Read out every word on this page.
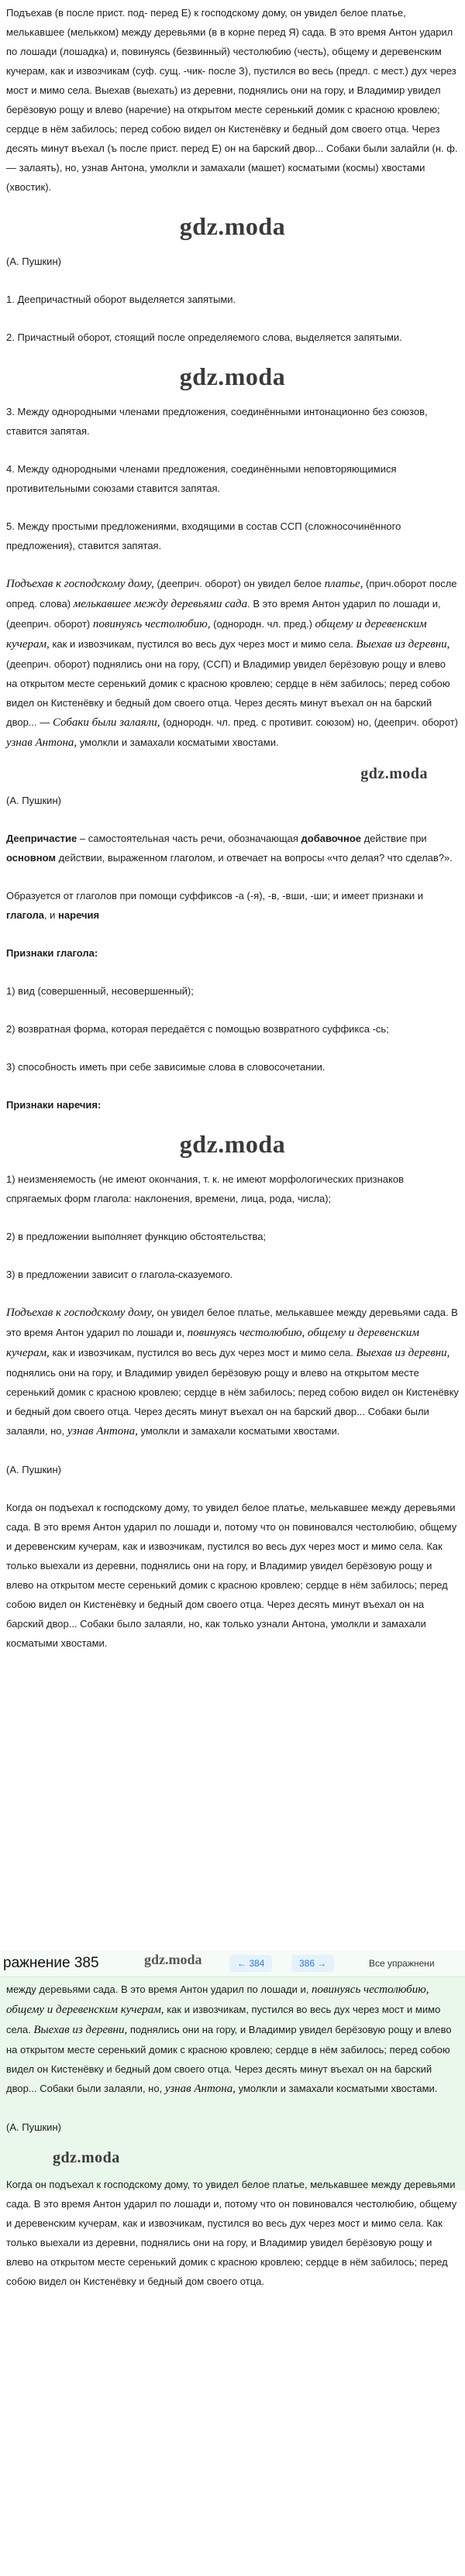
Подъехав (в после прист. под- перед Е) к господскому дому, он увидел белое платье, мелькавшее (мелькком) между деревьями (в в корне перед Я) сада. В это время Антон ударил по лошади (лошадка) и, повинуясь (безвинный) честолюбию (честь), общему и деревенским кучерам, как и извозчикам (суф. сущ. -чик- после З), пустился во весь (предл. с мест.) дух через мост и мимо села. Выехав (выехать) из деревни, поднялись они на гору, и Владимир увидел берёзовую рощу и влево (наречие) на открытом месте серенький домик с красною кровлею; сердце в нём забилось; перед собою видел он Кистенёвку и бедный дом своего отца. Через десять минут въехал (ъ после прист. перед Е) он на барский двор... Собаки были залайли (н. ф. — залаять), но, узнав Антона, умолкли и замахали (машет) косматыми (космы) хвостами (хвостик).

gdz.moda

(А. Пушкин)

1. Деепричастный оборот выделяется запятыми.

2. Причастный оборот, стоящий после определяемого слова, выделяется запятыми.

gdz.moda

3. Между однородными членами предложения, соединёнными интонационно без союзов, ставится запятая.

4. Между однородными членами предложения, соединёнными неповторяющимися противительными союзами ставится запятая.

5. Между простыми предложениями, входящими в состав ССП (сложносочинённого предложения), ставится запятая.

Подъехав к господскому дому, (дееприч. оборот) он увидел белое платье, (прич.оборот после опред. слова) мелькавшее между деревьями сада. В это время Антон ударил по лошади и, (дееприч. оборот) повинуясь честолюбию, (однородн. чл. пред.) общему и деревенским кучерам, как и извозчикам, пустился во весь дух через мост и мимо села. Выехав из деревни, (дееприч. оборот) поднялись они на гору, (ССП) и Владимир увидел берёзовую рощу и влево на открытом месте серенький домик с красною кровлею; сердце в нём забилось; перед собою видел он Кистенёвку и бедный дом своего отца. Через десять минут въехал он на барский двор... — Собаки были залаяли, (однородн. чл. пред. с противит. союзом) но, (дееприч. оборот) узнав Антона, умолкли и замахали косматыми хвостами.

gdz.moda

(А. Пушкин)

Деепричастие – самостоятельная часть речи, обозначающая добавочное действие при основном действии, выраженном глаголом, и отвечает на вопросы «что делая? что сделав?».

Образуется от глаголов при помощи суффиксов -а (-я), -в, -вши, -ши; и имеет признаки и глагола, и наречия

Признаки глагола:

1) вид (совершенный, несовершенный);

2) возвратная форма, которая передаётся с помощью возвратного суффикса -сь;

3) способность иметь при себе зависимые слова в словосочетании.

Признаки наречия:

gdz.moda

1) неизменяемость (не имеют окончания, т. к. не имеют морфологических признаков спрягаемых форм глагола: наклонения, времени, лица, рода, числа);

2) в предложении выполняет функцию обстоятельства;

3) в предложении зависит о глагола-сказуемого.

Подъехав к господскому дому, он увидел белое платье, мелькавшее между деревьями сада. В это время Антон ударил по лошади и, повинуясь честолюбию, общему и деревенским кучерам, как и извозчикам, пустился во весь дух через мост и мимо села. Выехав из деревни, поднялись они на гору, и Владимир увидел берёзовую рощу и влево на открытом месте серенький домик с красною кровлею; сердце в нём забилось; перед собою видел он Кистенёвку и бедный дом своего отца. Через десять минут въехал он на барский двор... Собаки были залаяли, но, узнав Антона, умолкли и замахали косматыми хвостами.

(А. Пушкин)

Когда он подъехал к господскому дому, то увидел белое платье, мелькавшее между деревьями сада. В это время Антон ударил по лошади и, потому что он повиновался честолюбию, общему и деревенским кучерам, как и извозчикам, пустился во весь дух через мост и мимо села. Как только выехали из деревни, поднялись они на гору, и Владимир увидел берёзовую рощу и влево на открытом месте серенький домик с красною кровлею; сердце в нём забилось; перед собою видел он Кистенёвку и бедный дом своего отца. Через десять минут въехал он на барский двор... Собаки было залаяли, но, как только узнали Антона, умолкли и замахали косматыми хвостами.

ражнение 385	gdz.moda	← 384	386 →	Все упражнени

между деревьями сада. В это время Антон ударил по лошади и, повинуясь честолюбию, общему и деревенским кучерам, как и извозчикам, пустился во весь дух через мост и мимо села. Выехав из деревни, поднялись они на гору, и Владимир увидел берёзовую рощу и влево на открытом месте серенький домик с красною кровлею; сердце в нём забилось; перед собою видел он Кистенёвку и бедный дом своего отца. Через десять минут въехал он на барский двор... Собаки были залаяли, но, узнав Антона, умолкли и замахали косматыми хвостами.

(А. Пушкин)

gdz.moda

Когда он подъехал к господскому дому, то увидел белое платье, мелькавшее между деревьями сада. В это время Антон ударил по лошади и, потому что он повиновался честолюбию, общему и деревенским кучерам, как и извозчикам, пустился во весь дух через мост и мимо села. Как только выехали из деревни, поднялись они на гору, и Владимир увидел берёзовую рощу и влево на открытом месте серенький домик с красною кровлею; сердце в нём забилось; перед собою видел он Кистенёвку и бедный дом своего отца.
